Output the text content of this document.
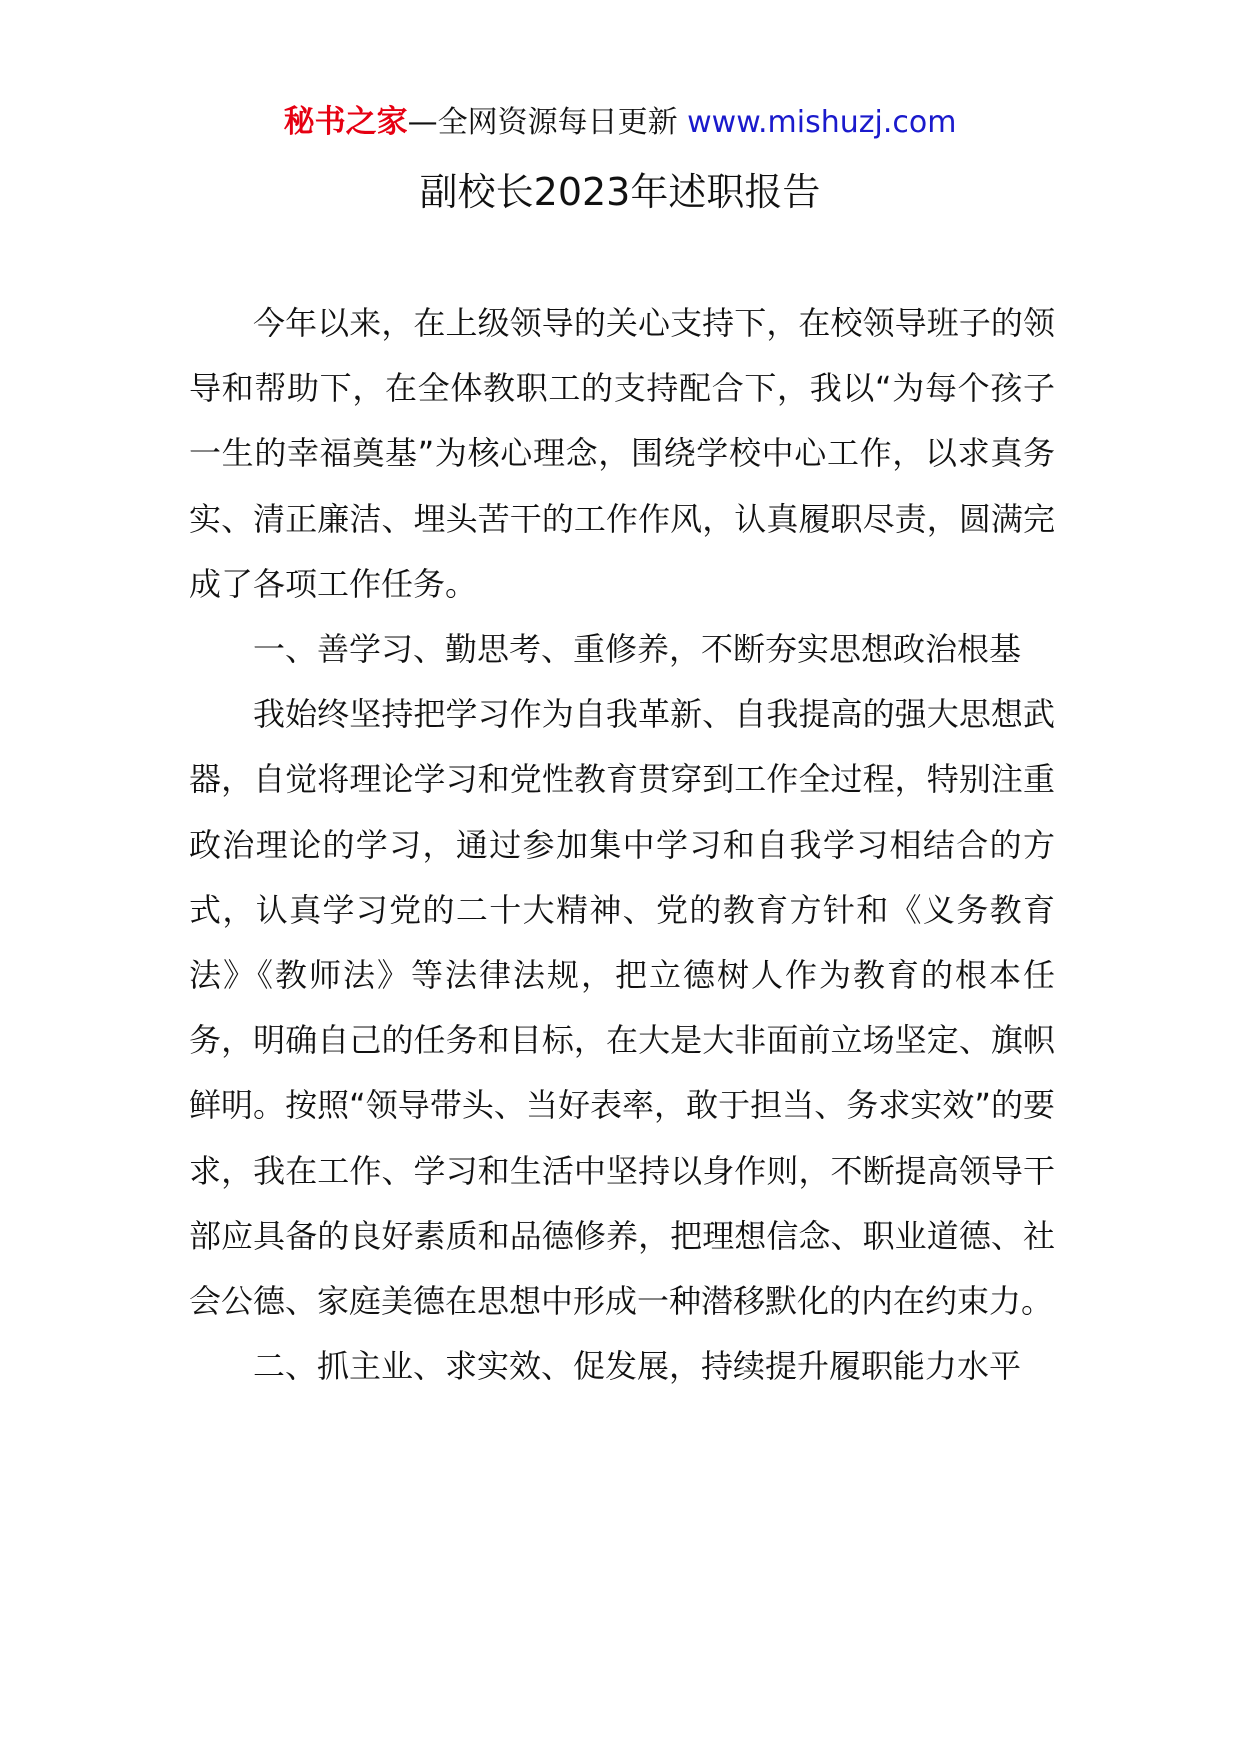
秘书之家—全网资源每日更新 www.mishuzj.com
副校长2023年述职报告

今年以来，在上级领导的关心支持下，在校领导班子的领导和帮助下，在全体教职工的支持配合下，我以“为每个孩子一生的幸福奠基”为核心理念，围绕学校中心工作，以求真务实、清正廉洁、埋头苦干的工作作风，认真履职尽责，圆满完成了各项工作任务。

一、善学习、勤思考、重修养，不断夯实思想政治根基

我始终坚持把学习作为自我革新、自我提高的强大思想武器，自觉将理论学习和党性教育贯穿到工作全过程，特别注重政治理论的学习，通过参加集中学习和自我学习相结合的方式，认真学习党的二十大精神、党的教育方针和《义务教育法》《教师法》等法律法规，把立德树人作为教育的根本任务，明确自己的任务和目标，在大是大非面前立场坚定、旗帜鲜明。按照“领导带头、当好表率，敢于担当、务求实效”的要求，我在工作、学习和生活中坚持以身作则，不断提高领导干部应具备的良好素质和品德修养，把理想信念、职业道德、社会公德、家庭美德在思想中形成一种潜移默化的内在约束力。

二、抓主业、求实效、促发展，持续提升履职能力水平
